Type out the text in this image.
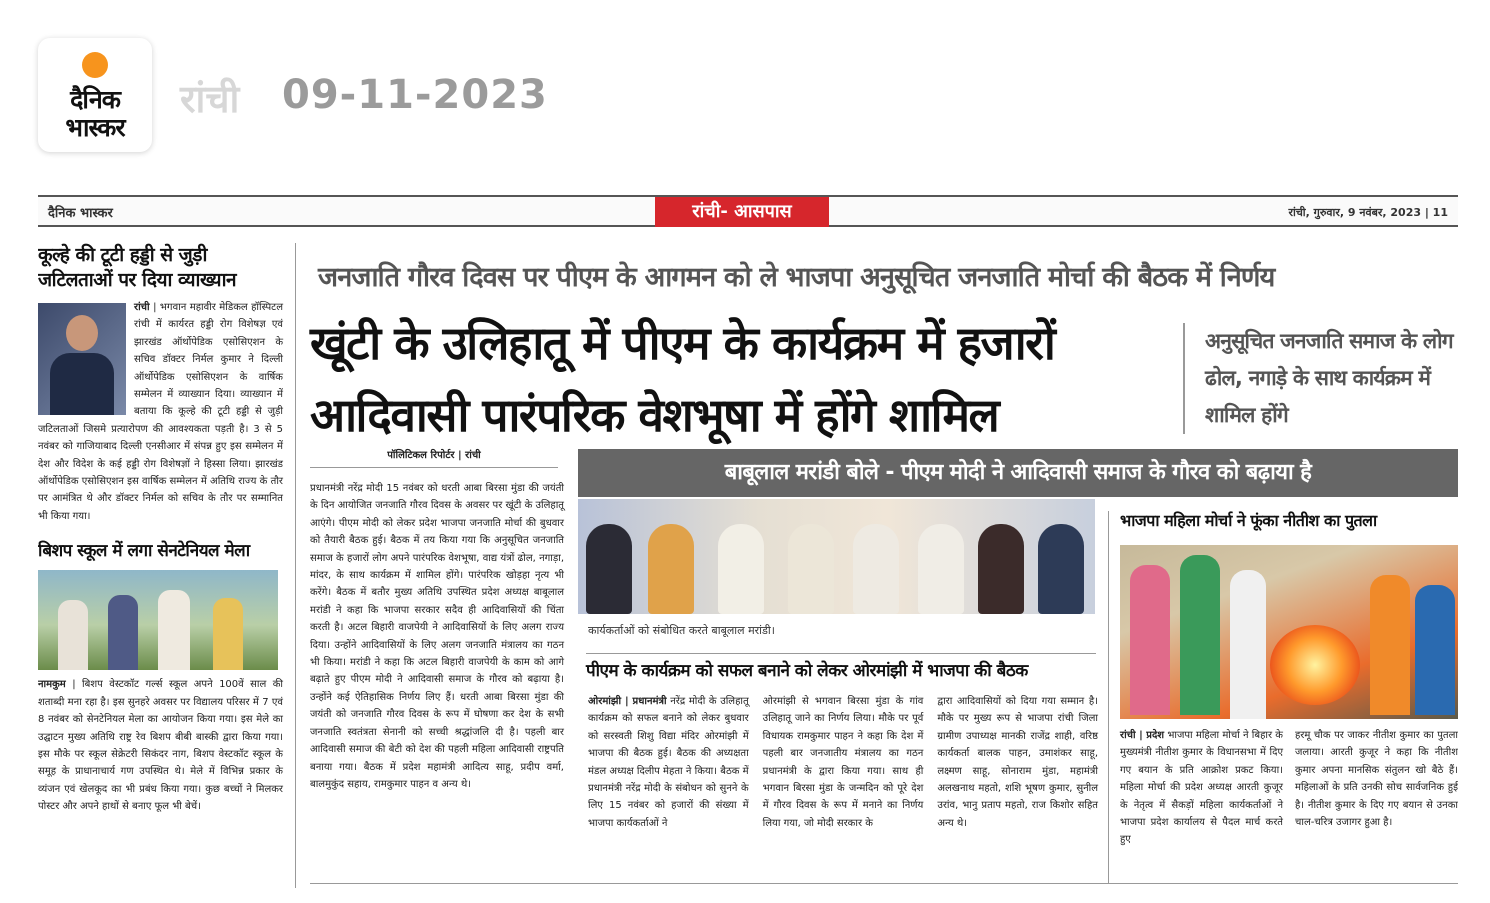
दैनिक
भास्कर
रांची 09-11-2023
दैनिक भास्कर	रांची- आसपास	रांची, गुरुवार, 9 नवंबर, 2023 | 11
कूल्हे की टूटी हड्डी से जुड़ी जटिलताओं पर दिया व्याख्यान

रांची | भगवान महावीर मेडिकल हॉस्पिटल रांची में कार्यरत हड्डी रोग विशेषज्ञ एवं झारखंड ऑर्थोपेडिक एसोसिएशन के सचिव डॉक्टर निर्मल कुमार ने दिल्ली ऑर्थोपेडिक एसोसिएशन के वार्षिक सम्मेलन में व्याख्यान दिया। व्याख्यान में बताया कि कूल्हे की टूटी हड्डी से जुड़ी जटिलताओं जिसमे प्रत्यारोपण की आवश्यकता पड़ती है। 3 से 5 नवंबर को गाजियाबाद दिल्ली एनसीआर में संपन्न हुए इस सम्मेलन में देश और विदेश के कई हड्डी रोग विशेषज्ञों ने हिस्सा लिया। झारखंड ऑर्थोपेडिक एसोसिएशन इस वार्षिक सम्मेलन में अतिथि राज्य के तौर पर आमंत्रित थे और डॉक्टर निर्मल को सचिव के तौर पर सम्मानित भी किया गया।

बिशप स्कूल में लगा सेनटेनियल मेला

नामकुम | बिशप वेस्टकॉट गर्ल्स स्कूल अपने 100वें साल की शताब्दी मना रहा है। इस सुनहरे अवसर पर विद्यालय परिसर में 7 एवं 8 नवंबर को सेनटेनियल मेला का आयोजन किया गया। इस मेले का उद्घाटन मुख्य अतिथि राष्ट्र रेव बिशप बीबी बास्की द्वारा किया गया। इस मौके पर स्कूल सेक्रेटरी सिकंदर नाग, बिशप वेस्टकॉट स्कूल के समूह के प्राधानाचार्य गण उपस्थित थे। मेले में विभिन्न प्रकार के व्यंजन एवं खेलकूद का भी प्रबंध किया गया। कुछ बच्चों ने मिलकर पोस्टर और अपने हाथों से बनाए फूल भी बेचें।

जनजाति गौरव दिवस पर पीएम के आगमन को ले भाजपा अनुसूचित जनजाति मोर्चा की बैठक में निर्णय
खूंटी के उलिहातू में पीएम के कार्यक्रम में हजारों
आदिवासी पारंपरिक वेशभूषा में होंगे शामिल
अनुसूचित जनजाति समाज के लोग ढोल, नगाड़े के साथ कार्यक्रम में शामिल होंगे
पॉलिटिकल रिपोर्टर | रांची

प्रधानमंत्री नरेंद्र मोदी 15 नवंबर को धरती आबा बिरसा मुंडा की जयंती के दिन आयोजित जनजाति गौरव दिवस के अवसर पर खूंटी के उलिहातू आएंगे। पीएम मोदी को लेकर प्रदेश भाजपा जनजाति मोर्चा की बुधवार को तैयारी बैठक हुई। बैठक में तय किया गया कि अनुसूचित जनजाति समाज के हजारों लोग अपने पारंपरिक वेशभूषा, वाद्य यंत्रों ढोल, नगाड़ा, मांदर, के साथ कार्यक्रम में शामिल होंगे। पारंपरिक खोड़हा नृत्य भी करेंगे। बैठक में बतौर मुख्य अतिथि उपस्थित प्रदेश अध्यक्ष बाबूलाल मरांडी ने कहा कि भाजपा सरकार सदैव ही आदिवासियों की चिंता करती है। अटल बिहारी वाजपेयी ने आदिवासियों के लिए अलग राज्य दिया। उन्होंने आदिवासियों के लिए अलग जनजाति मंत्रालय का गठन भी किया। मरांडी ने कहा कि अटल बिहारी वाजपेयी के काम को आगे बढ़ाते हुए पीएम मोदी ने आदिवासी समाज के गौरव को बढ़ाया है। उन्होंने कई ऐतिहासिक निर्णय लिए हैं। धरती आबा बिरसा मुंडा की जयंती को जनजाति गौरव दिवस के रूप में घोषणा कर देश के सभी जनजाति स्वतंत्रता सेनानी को सच्ची श्रद्धांजलि दी है। पहली बार आदिवासी समाज की बेटी को देश की पहली महिला आदिवासी राष्ट्रपति बनाया गया। बैठक में प्रदेश महामंत्री आदित्य साहू, प्रदीप वर्मा, बालमुकुंद सहाय, रामकुमार पाहन व अन्य थे।

बाबूलाल मरांडी बोले - पीएम मोदी ने आदिवासी समाज के गौरव को बढ़ाया है
कार्यकर्ताओं को संबोधित करते बाबूलाल मरांडी।
पीएम के कार्यक्रम को सफल बनाने को लेकर ओरमांझी में भाजपा की बैठक

ओरमांझी | प्रधानमंत्री नरेंद्र मोदी के उलिहातू कार्यक्रम को सफल बनाने को लेकर बुधवार को सरस्वती शिशु विद्या मंदिर ओरमांझी में भाजपा की बैठक हुई। बैठक की अध्यक्षता मंडल अध्यक्ष दिलीप मेहता ने किया। बैठक में प्रधानमंत्री नरेंद्र मोदी के संबोधन को सुनने के लिए 15 नवंबर को हजारों की संख्या में भाजपा कार्यकर्ताओं ने

ओरमांझी से भगवान बिरसा मुंडा के गांव उलिहातू जाने का निर्णय लिया। मौके पर पूर्व विधायक रामकुमार पाहन ने कहा कि देश में पहली बार जनजातीय मंत्रालय का गठन प्रधानमंत्री के द्वारा किया गया। साथ ही भगवान बिरसा मुंडा के जन्मदिन को पूरे देश में गौरव दिवस के रूप में मनाने का निर्णय लिया गया, जो मोदी सरकार के

द्वारा आदिवासियों को दिया गया सम्मान है। मौके पर मुख्य रूप से भाजपा रांची जिला ग्रामीण उपाध्यक्ष मानकी राजेंद्र शाही, वरिष्ठ कार्यकर्ता बालक पाहन, उमाशंकर साहू, लक्ष्मण साहू, सोनाराम मुंडा, महामंत्री अलखनाथ महतो, शशि भूषण कुमार, सुनील उरांव, भानु प्रताप महतो, राज किशोर सहित अन्य थे।

भाजपा महिला मोर्चा ने फूंका नीतीश का पुतला

रांची | प्रदेश भाजपा महिला मोर्चा ने बिहार के मुख्यमंत्री नीतीश कुमार के विधानसभा में दिए गए बयान के प्रति आक्रोश प्रकट किया। महिला मोर्चा की प्रदेश अध्यक्ष आरती कुजूर के नेतृत्व में सैकड़ों महिला कार्यकर्ताओं ने भाजपा प्रदेश कार्यालय से पैदल मार्च करते हुए

हरमू चौक पर जाकर नीतीश कुमार का पुतला जलाया। आरती कुजूर ने कहा कि नीतीश कुमार अपना मानसिक संतुलन खो बैठे हैं। महिलाओं के प्रति उनकी सोच सार्वजनिक हुई है। नीतीश कुमार के दिए गए बयान से उनका चाल-चरित्र उजागर हुआ है।
